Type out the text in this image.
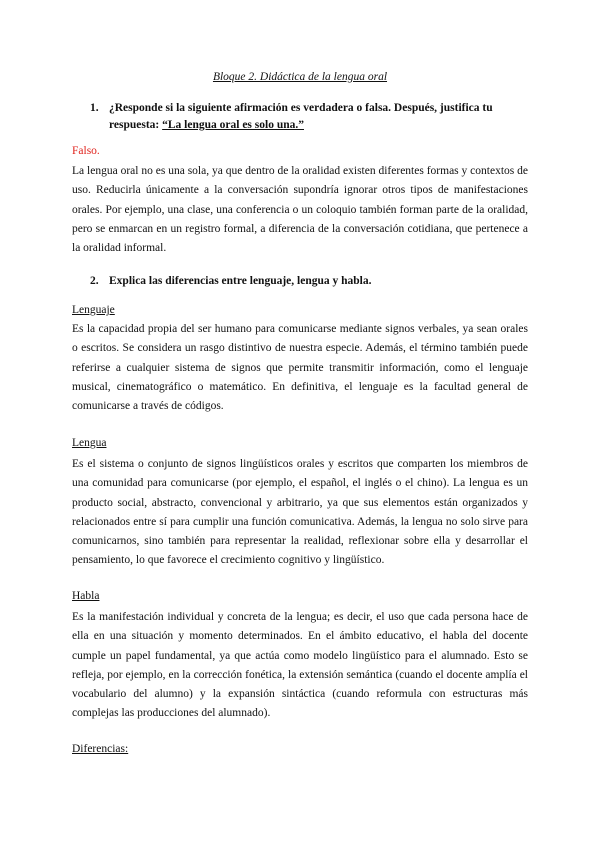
Bloque 2. Didáctica de la lengua oral
1. ¿Responde si la siguiente afirmación es verdadera o falsa. Después, justifica tu respuesta: “La lengua oral es solo una.”
Falso.

La lengua oral no es una sola, ya que dentro de la oralidad existen diferentes formas y contextos de uso. Reducirla únicamente a la conversación supondría ignorar otros tipos de manifestaciones orales. Por ejemplo, una clase, una conferencia o un coloquio también forman parte de la oralidad, pero se enmarcan en un registro formal, a diferencia de la conversación cotidiana, que pertenece a la oralidad informal.

2. Explica las diferencias entre lenguaje, lengua y habla.
Lenguaje

Es la capacidad propia del ser humano para comunicarse mediante signos verbales, ya sean orales o escritos. Se considera un rasgo distintivo de nuestra especie. Además, el término también puede referirse a cualquier sistema de signos que permite transmitir información, como el lenguaje musical, cinematográfico o matemático. En definitiva, el lenguaje es la facultad general de comunicarse a través de códigos.

Lengua

Es el sistema o conjunto de signos lingüísticos orales y escritos que comparten los miembros de una comunidad para comunicarse (por ejemplo, el español, el inglés o el chino). La lengua es un producto social, abstracto, convencional y arbitrario, ya que sus elementos están organizados y relacionados entre sí para cumplir una función comunicativa. Además, la lengua no solo sirve para comunicarnos, sino también para representar la realidad, reflexionar sobre ella y desarrollar el pensamiento, lo que favorece el crecimiento cognitivo y lingüístico.

Habla

Es la manifestación individual y concreta de la lengua; es decir, el uso que cada persona hace de ella en una situación y momento determinados. En el ámbito educativo, el habla del docente cumple un papel fundamental, ya que actúa como modelo lingüístico para el alumnado. Esto se refleja, por ejemplo, en la corrección fonética, la extensión semántica (cuando el docente amplía el vocabulario del alumno) y la expansión sintáctica (cuando reformula con estructuras más complejas las producciones del alumnado).

Diferencias:
